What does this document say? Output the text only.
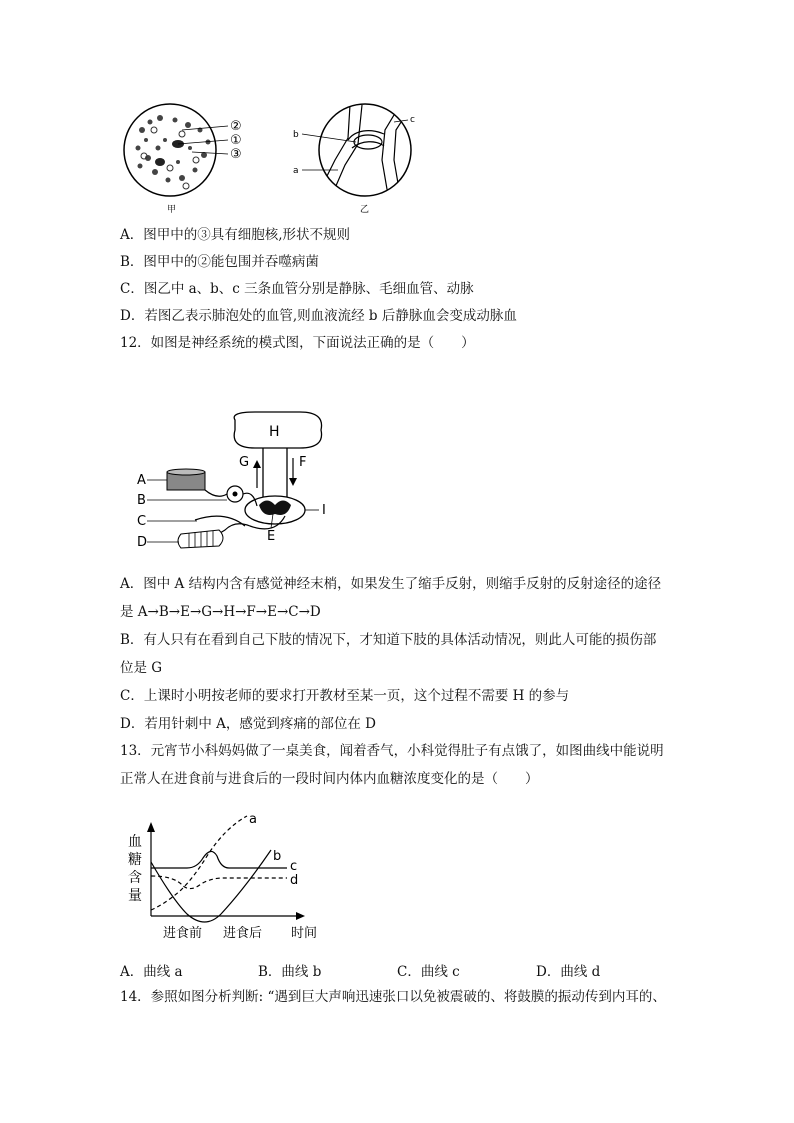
②
①
③
甲
b
a
c
乙
A．图甲中的③具有细胞核,形状不规则
B．图甲中的②能包围并吞噬病菌
C．图乙中 a、b、c 三条血管分别是静脉、毛细血管、动脉
D．若图乙表示肺泡处的血管,则血液流经 b 后静脉血会变成动脉血
12．如图是神经系统的模式图，下面说法正确的是（　　）
H
G	F
I
E
A
B
C
D
A．图中 A 结构内含有感觉神经末梢，如果发生了缩手反射，则缩手反射的反射途径的途径
是 A→B→E→G→H→F→E→C→D
B．有人只有在看到自己下肢的情况下，才知道下肢的具体活动情况，则此人可能的损伤部
位是 G
C．上课时小明按老师的要求打开教材至某一页，这个过程不需要 H 的参与
D．若用针刺中 A，感觉到疼痛的部位在 D
13．元宵节小科妈妈做了一桌美食，闻着香气，小科觉得肚子有点饿了，如图曲线中能说明
正常人在进食前与进食后的一段时间内体内血糖浓度变化的是（　　）
血
糖
含
量
a
b
c
d
进食前 进食后 时间
A．曲线 a	B．曲线 b	C．曲线 c	D．曲线 d
14．参照如图分析判断: “遇到巨大声响迅速张口以免被震破的、将鼓膜的振动传到内耳的、
